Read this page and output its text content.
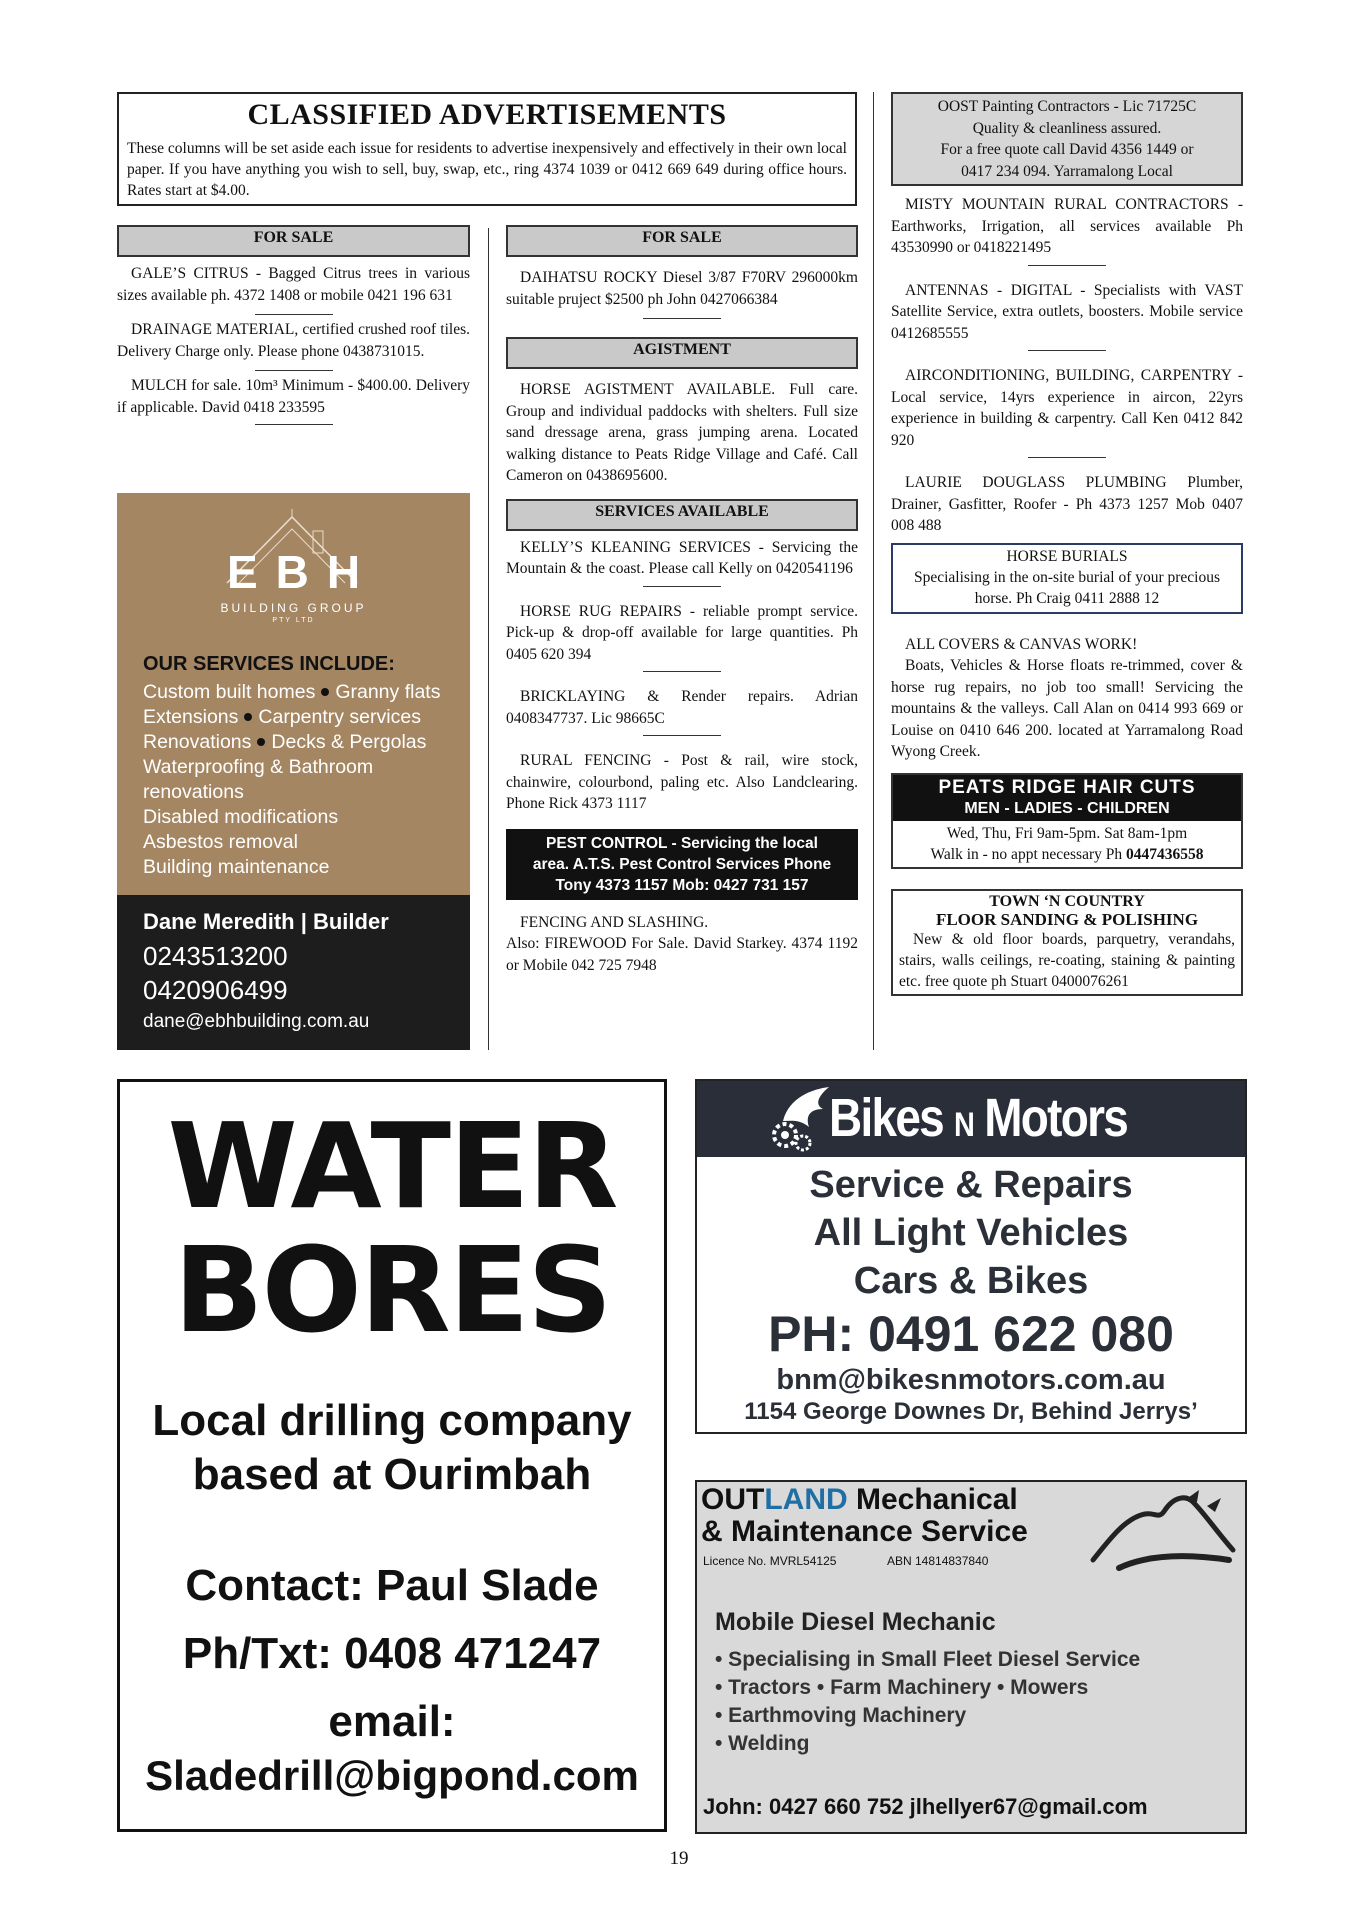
CLASSIFIED ADVERTISEMENTS
These columns will be set aside each issue for residents to advertise inexpensively and effectively in their own local paper. If you have anything you wish to sell, buy, swap, etc., ring 4374 1039 or 0412 669 649 during office hours. Rates start at $4.00.
FOR SALE
GALE’S CITRUS - Bagged Citrus trees in various sizes available ph. 4372 1408 or mobile 0421 196 631
DRAINAGE MATERIAL, certified crushed roof tiles. Delivery Charge only. Please phone 0438731015.
MULCH for sale. 10m³ Minimum - $400.00. Delivery if applicable. David 0418 233595
EBH
BUILDING GROUP
PTY LTD
OUR SERVICES INCLUDE:
Custom built homes Granny flats
Extensions Carpentry services
Renovations Decks & Pergolas
Waterproofing & Bathroom
renovations
Disabled modifications
Asbestos removal
Building maintenance
Dane Meredith | Builder
0243513200
0420906499
dane@ebhbuilding.com.au
FOR SALE
DAIHATSU ROCKY Diesel 3/87 F70RV 296000km suitable pruject $2500 ph John 0427066384
AGISTMENT
HORSE AGISTMENT AVAILABLE. Full care. Group and individual paddocks with shelters. Full size sand dressage arena, grass jumping arena. Located walking distance to Peats Ridge Village and Café. Call Cameron on 0438695600.
SERVICES AVAILABLE
KELLY’S KLEANING SERVICES - Servicing the Mountain & the coast. Please call Kelly on 0420541196
HORSE RUG REPAIRS - reliable prompt service. Pick-up & drop-off available for large quantities. Ph 0405 620 394
BRICKLAYING & Render repairs. Adrian 0408347737. Lic 98665C
RURAL FENCING - Post & rail, wire stock, chainwire, colourbond, paling etc. Also Landclearing. Phone Rick 4373 1117
PEST CONTROL - Servicing the local
area. A.T.S. Pest Control Services Phone
Tony 4373 1157 Mob: 0427 731 157
FENCING AND SLASHING.
Also: FIREWOOD For Sale. David Starkey. 4374 1192 or Mobile 042 725 7948
OOST Painting Contractors - Lic 71725C
Quality & cleanliness assured.
For a free quote call David 4356 1449 or
0417 234 094. Yarramalong Local
MISTY MOUNTAIN RURAL CONTRACTORS - Earthworks, Irrigation, all services available Ph 43530990 or 0418221495
ANTENNAS - DIGITAL - Specialists with VAST Satellite Service, extra outlets, boosters. Mobile service 0412685555
AIRCONDITIONING, BUILDING, CARPENTRY - Local service, 14yrs experience in aircon, 22yrs experience in building & carpentry. Call Ken 0412 842 920
LAURIE DOUGLASS PLUMBING Plumber, Drainer, Gasfitter, Roofer - Ph 4373 1257 Mob 0407 008 488
HORSE BURIALS
Specialising in the on-site burial of your precious horse. Ph Craig 0411 2888 12
ALL COVERS & CANVAS WORK!
Boats, Vehicles & Horse floats re-trimmed, cover & horse rug repairs, no job too small! Servicing the mountains & the valleys. Call Alan on 0414 993 669 or Louise on 0410 646 200. located at Yarramalong Road Wyong Creek.
PEATS RIDGE HAIR CUTS
MEN - LADIES - CHILDREN
Wed, Thu, Fri 9am-5pm. Sat 8am-1pm
Walk in - no appt necessary Ph 0447436558
TOWN ‘N COUNTRY
FLOOR SANDING & POLISHING
New & old floor boards, parquetry, verandahs, stairs, walls ceilings, re-coating, staining & painting etc. free quote ph Stuart 0400076261
WATER
BORES
Local drilling company
based at Ourimbah
Contact: Paul Slade
Ph/Txt: 0408 471247
email:
Sladedrill@bigpond.com
Bikes N Motors
Service & Repairs
All Light Vehicles
Cars & Bikes
PH: 0491 622 080
bnm@bikesnmotors.com.au
1154 George Downes Dr, Behind Jerrys’
OUTLAND Mechanical
& Maintenance Service
Licence No. MVRL54125	ABN 14814837840
Mobile Diesel Mechanic
• Specialising in Small Fleet Diesel Service
• Tractors • Farm Machinery • Mowers
• Earthmoving Machinery
• Welding
John: 0427 660 752 jlhellyer67@gmail.com
19
